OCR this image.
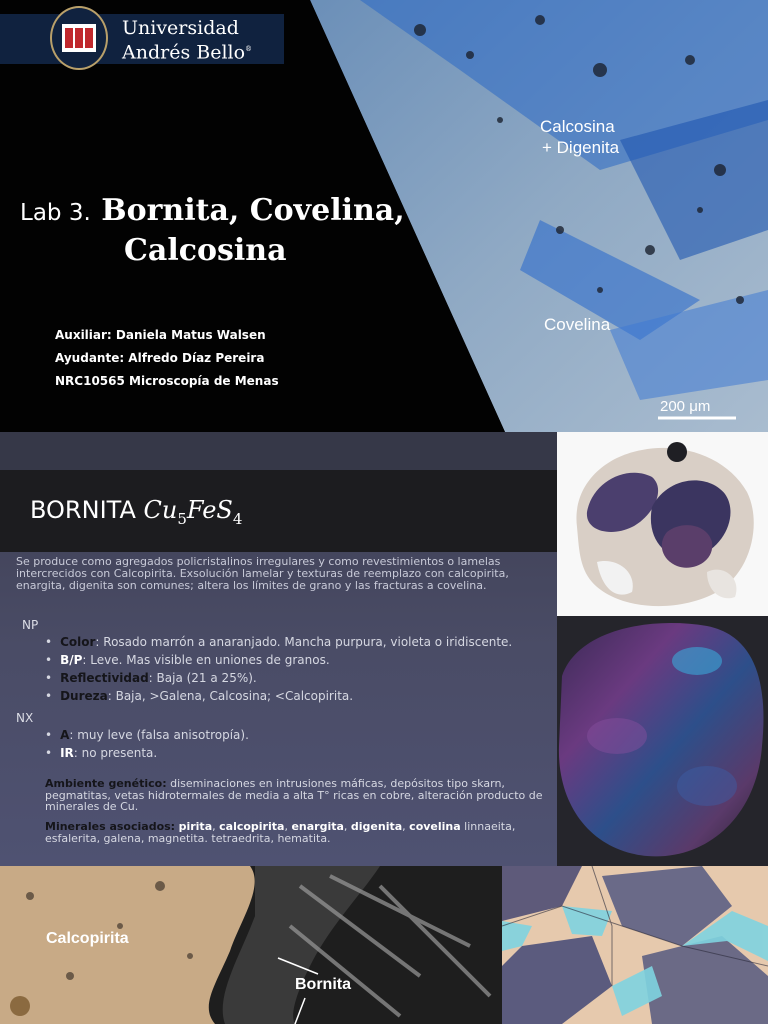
Universidad
Andrés Bello®
Lab 3. Bornita, Covelina,
Calcosina
Auxiliar: Daniela Matus Walsen
Ayudante: Alfredo Díaz Pereira
NRC10565 Microscopía de Menas
Calcosina
+ Digenita
Covelina
200 μm
BORNITA $Cu_5FeS_4$
Se produce como agregados policristalinos irregulares y como revestimientos o lamelas intercrecidos con Calcopirita. Exsolución lamelar y texturas de reemplazo con calcopirita, enargita, digenita son comunes; altera los límites de grano y las fracturas a covelina.
NP
• Color: Rosado marrón a anaranjado. Mancha purpura, violeta o iridiscente.
• B/P: Leve. Mas visible en uniones de granos.
• Reflectividad: Baja (21 a 25%).
• Dureza: Baja, >Galena, Calcosina; <Calcopirita.
NX
• A: muy leve (falsa anisotropía).
• IR: no presenta.
Ambiente genético: diseminaciones en intrusiones máficas, depósitos tipo skarn, pegmatitas, vetas hidrotermales de media a alta T° ricas en cobre, alteración producto de minerales de Cu.
Minerales asociados: pirita, calcopirita, enargita, digenita, covelina linnaeita, esfalerita, galena, magnetita. tetraedrita, hematita.
Calcopirita
Bornita
